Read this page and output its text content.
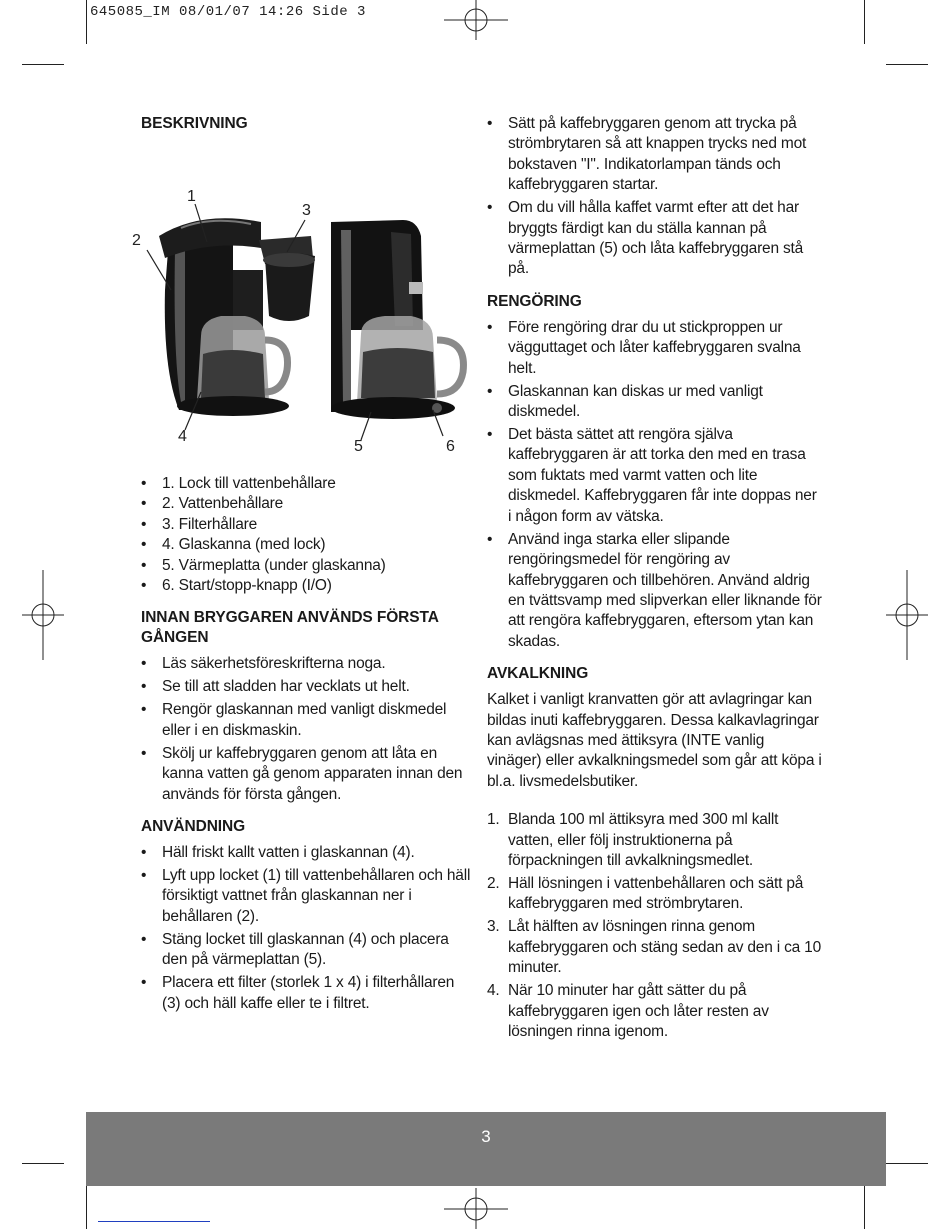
645085_IM 08/01/07 14:26 Side 3
BESKRIVNING
1
2
3
4
5	6
• 1. Lock till vattenbehållare
• 2. Vattenbehållare
• 3. Filterhållare
• 4. Glaskanna (med lock)
• 5. Värmeplatta (under glaskanna)
• 6. Start/stopp-knapp (I/O)
INNAN BRYGGAREN ANVÄNDS FÖRSTA GÅNGEN
• Läs säkerhetsföreskrifterna noga.
• Se till att sladden har vecklats ut helt.
• Rengör glaskannan med vanligt diskmedel eller i en diskmaskin.
• Skölj ur kaffebryggaren genom att låta en kanna vatten gå genom apparaten innan den används för första gången.
ANVÄNDNING
• Häll friskt kallt vatten i glaskannan (4).
• Lyft upp locket (1) till vattenbehållaren och häll försiktigt vattnet från glaskannan ner i behållaren (2).
• Stäng locket till glaskannan (4) och placera den på värmeplattan (5).
• Placera ett filter (storlek 1 x 4) i filterhållaren (3) och häll kaffe eller te i filtret.
• Sätt på kaffebryggaren genom att trycka på strömbrytaren så att knappen trycks ned mot bokstaven "I". Indikatorlampan tänds och kaffebryggaren startar.
• Om du vill hålla kaffet varmt efter att det har bryggts färdigt kan du ställa kannan på värmeplattan (5) och låta kaffebryggaren stå på.
RENGÖRING
• Före rengöring drar du ut stickproppen ur vägguttaget och låter kaffebryggaren svalna helt.
• Glaskannan kan diskas ur med vanligt diskmedel.
• Det bästa sättet att rengöra själva kaffebryggaren är att torka den med en trasa som fuktats med varmt vatten och lite diskmedel. Kaffebryggaren får inte doppas ner i någon form av vätska.
• Använd inga starka eller slipande rengöringsmedel för rengöring av kaffebryggaren och tillbehören. Använd aldrig en tvättsvamp med slipverkan eller liknande för att rengöra kaffebryggaren, eftersom ytan kan skadas.
AVKALKNING

Kalket i vanligt kranvatten gör att avlagringar kan bildas inuti kaffebryggaren. Dessa kalkavlagringar kan avlägsnas med ättiksyra (INTE vanlig vinäger) eller avkalkningsmedel som går att köpa i bl.a. livsmedelsbutiker.

1. Blanda 100 ml ättiksyra med 300 ml kallt vatten, eller följ instruktionerna på förpackningen till avkalkningsmedlet.
2. Häll lösningen i vattenbehållaren och sätt på kaffebryggaren med strömbrytaren.
3. Låt hälften av lösningen rinna genom kaffebryggaren och stäng sedan av den i ca 10 minuter.
4. När 10 minuter har gått sätter du på kaffebryggaren igen och låter resten av lösningen rinna igenom.
3
